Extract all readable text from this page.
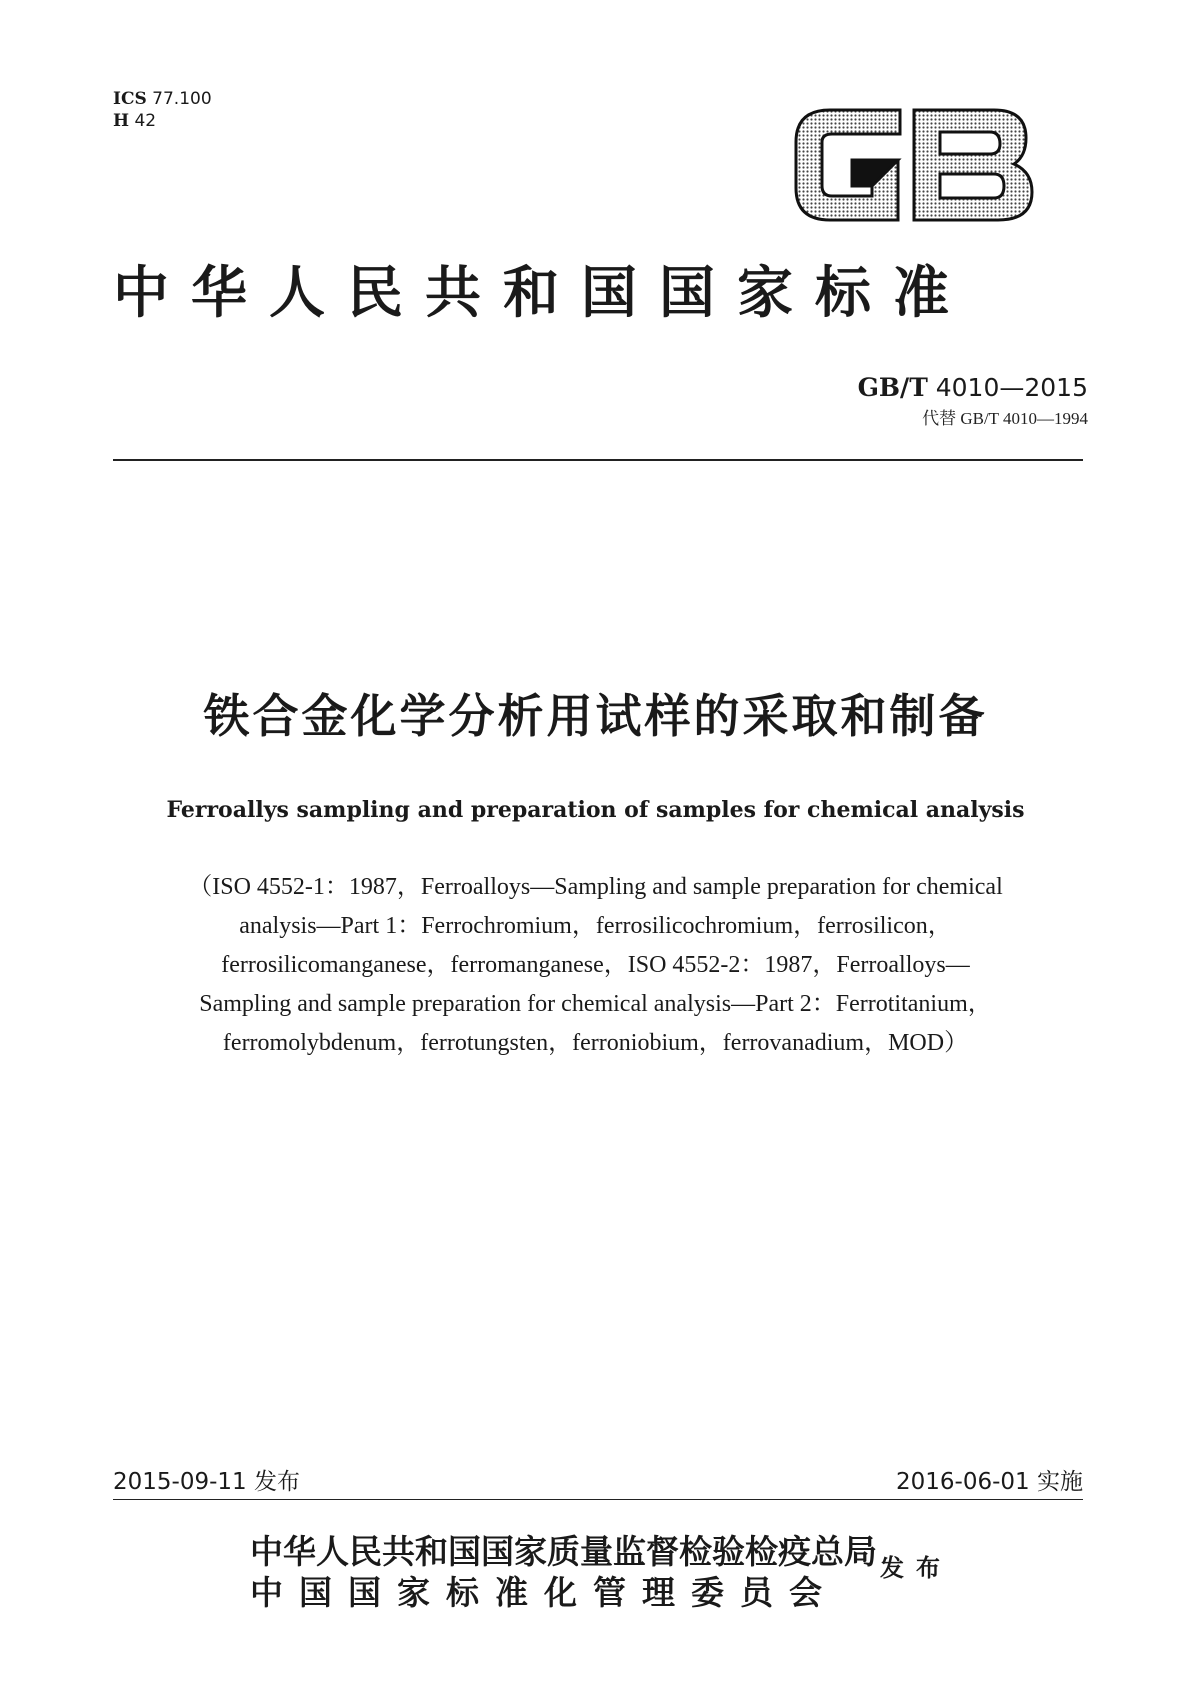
ICS 77.100
H 42
中华人民共和国国家标准
GB/T 4010—2015
代替 GB/T 4010—1994
铁合金化学分析用试样的采取和制备
Ferroallys sampling and preparation of samples for chemical analysis
（ISO 4552-1：1987，Ferroalloys—Sampling and sample preparation for chemical
analysis—Part 1：Ferrochromium，ferrosilicochromium，ferrosilicon，
ferrosilicomanganese，ferromanganese，ISO 4552-2：1987，Ferroalloys—
Sampling and sample preparation for chemical analysis—Part 2：Ferrotitanium，
ferromolybdenum，ferrotungsten，ferroniobium，ferrovanadium，MOD）
2015-09-11 发布	2016-06-01 实施
中华人民共和国国家质量监督检验检疫总局
中国国家标准化管理委员会
发布
